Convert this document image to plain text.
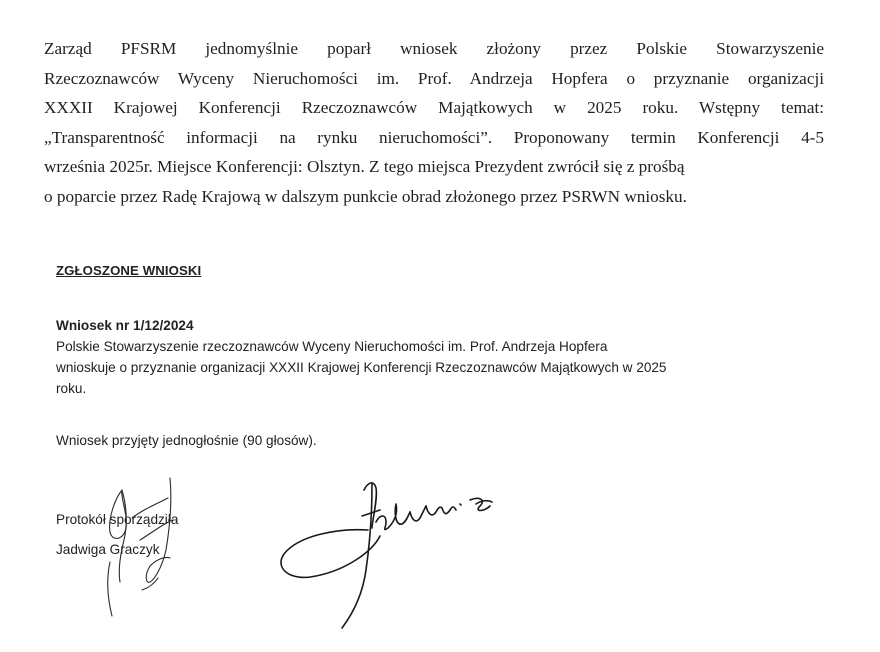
Zarząd PFSRM jednomyślnie poparł wniosek złożony przez Polskie Stowarzyszenie
Rzeczoznawców Wyceny Nieruchomości im. Prof. Andrzeja Hopfera o przyznanie organizacji
XXXII Krajowej Konferencji Rzeczoznawców Majątkowych w 2025 roku. Wstępny temat:
„Transparentność informacji na rynku nieruchomości”. Proponowany termin Konferencji 4-5
września 2025r. Miejsce Konferencji: Olsztyn. Z tego miejsca Prezydent zwrócił się z prośbą
o poparcie przez Radę Krajową w dalszym punkcie obrad złożonego przez PSRWN wniosku.
ZGŁOSZONE WNIOSKI
Wniosek nr 1/12/2024
Polskie Stowarzyszenie rzeczoznawców Wyceny Nieruchomości im. Prof. Andrzeja Hopfera
wnioskuje o przyznanie organizacji XXXII Krajowej Konferencji Rzeczoznawców Majątkowych w 2025
roku.
Wniosek przyjęty jednogłośnie (90 głosów).
Protokół sporządziła
Jadwiga Graczyk
